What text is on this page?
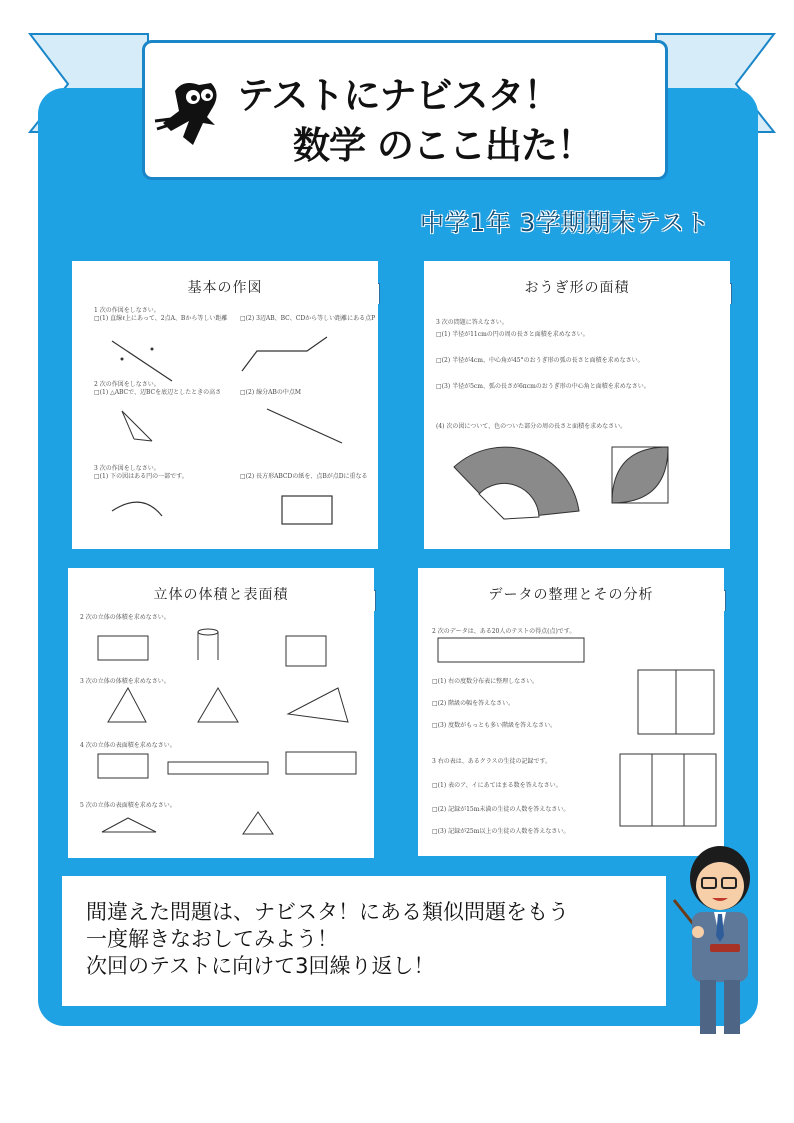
テストにナビスタ！
数学 のここ出た！
中学1年 3学期期末テスト
基本の作図
1 次の作図をしなさい。
□(1) 直線ℓ上にあって、2点A、Bから等しい距離 □(2) 3辺AB、BC、CDから等しい距離にある点P
2 次の作図をしなさい。
□(1) △ABCで、辺BCを底辺としたときの高さ	□(2) 線分ABの中点M
3 次の作図をしなさい。
□(1) 下の図はある円の一部です。	□(2) 長方形ABCDの紙を、点Bが点Dに重なる
おうぎ形の面積
3 次の問題に答えなさい。
□(1) 半径が11cmの円の周の長さと面積を求めなさい。
□(2) 半径が4cm、中心角が45°のおうぎ形の弧の長さと面積を求めなさい。
□(3) 半径が5cm、弧の長さが6πcmのおうぎ形の中心角と面積を求めなさい。
(4) 次の図について、色のついた部分の周の長さと面積を求めなさい。
立体の体積と表面積
2 次の立体の体積を求めなさい。
3 次の立体の体積を求めなさい。
4 次の立体の表面積を求めなさい。
5 次の立体の表面積を求めなさい。
データの整理とその分析
2 次のデータは、ある20人のテストの得点(点)です。
□(1) 右の度数分布表に整理しなさい。
□(2) 階級の幅を答えなさい。
□(3) 度数がもっとも多い階級を答えなさい。
3 右の表は、あるクラスの生徒の記録です。
□(1) 表のア、イにあてはまる数を答えなさい。
□(2) 記録が15m未満の生徒の人数を答えなさい。
□(3) 記録が25m以上の生徒の人数を答えなさい。
間違えた問題は、ナビスタ！にある類似問題をもう
一度解きなおしてみよう！
次回のテストに向けて3回繰り返し！
